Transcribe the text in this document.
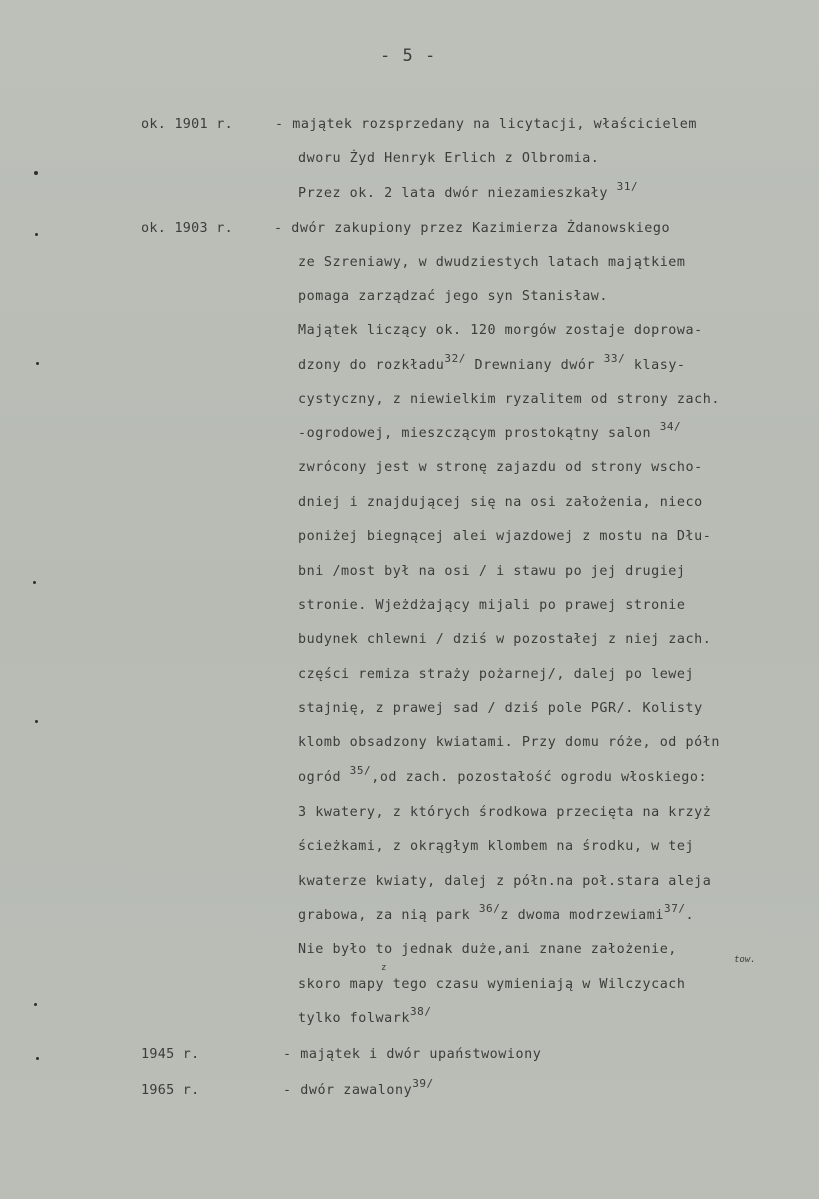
- 5 -
ok. 1901 r.	- majątek rozsprzedany na licytacji, właścicielem
dworu Żyd Henryk Erlich z Olbromia.
Przez ok. 2 lata dwór niezamieszkały $^{31/}$
ok. 1903 r.	- dwór zakupiony przez Kazimierza Żdanowskiego
ze Szreniawy, w dwudziestych latach majątkiem
pomaga zarządzać jego syn Stanisław.
Majątek liczący ok. 120 morgów zostaje doprowa-
dzony do rozkładu$^{32/}$ Drewniany dwór $^{33/}$ klasy-
cystyczny, z niewielkim ryzalitem od strony zach.
-ogrodowej, mieszczącym prostokątny salon $^{34/}$
zwrócony jest w stronę zajazdu od strony wscho-
dniej i znajdującej się na osi założenia, nieco
poniżej biegnącej alei wjazdowej z mostu na Dłu-
bni /most był na osi / i stawu po jej drugiej
stronie. Wjeżdżający mijali po prawej stronie
budynek chlewni / dziś w pozostałej z niej zach.
części remiza straży pożarnej/, dalej po lewej
stajnię, z prawej sad / dziś pole PGR/. Kolisty
klomb obsadzony kwiatami. Przy domu róże, od półn
ogród $^{35/}$,od zach. pozostałość ogrodu włoskiego:
3 kwatery, z których środkowa przecięta na krzyż
ścieżkami, z okrągłym klombem na środku, w tej
kwaterze kwiaty, dalej z półn.na poł.stara aleja
grabowa, za nią park $^{36/}$z dwoma modrzewiami$^{37/}$.
Nie było to jednak duże,ani znane założenie,
z
tow.
skoro mapy tego czasu wymieniają w Wilczycach
tylko folwark$^{38/}$
1945 r.	- majątek i dwór upaństwowiony
1965 r.	- dwór zawalony$^{39/}$
